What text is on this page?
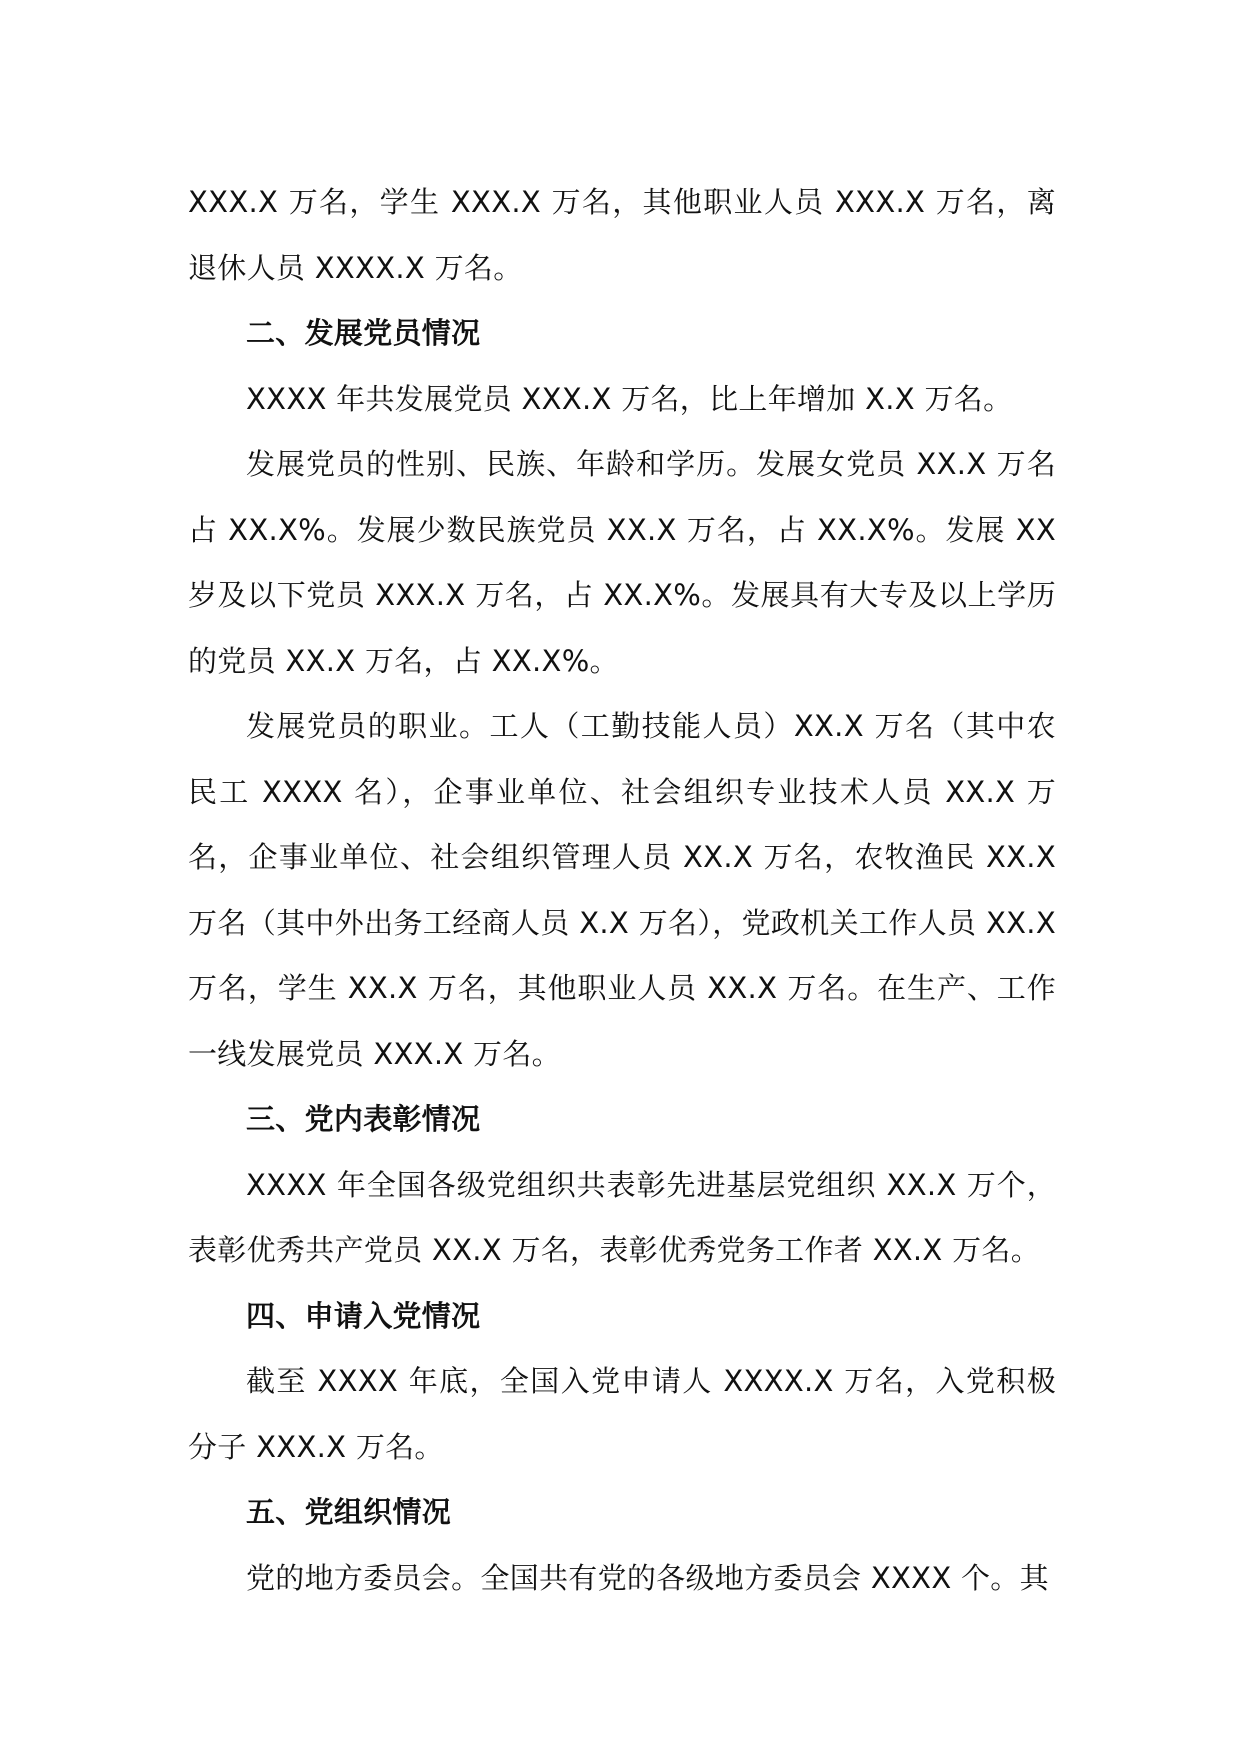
XXX.X 万名，学生 XXX.X 万名，其他职业人员 XXX.X 万名，离退休人员 XXXX.X 万名。

二、发展党员情况

XXXX 年共发展党员 XXX.X 万名，比上年增加 X.X 万名。

发展党员的性别、民族、年龄和学历。发展女党员 XX.X 万名占 XX.X%。发展少数民族党员 XX.X 万名，占 XX.X%。发展 XX 岁及以下党员 XXX.X 万名，占 XX.X%。发展具有大专及以上学历的党员 XX.X 万名，占 XX.X%。

发展党员的职业。工人（工勤技能人员）XX.X 万名（其中农民工 XXXX 名），企事业单位、社会组织专业技术人员 XX.X 万名，企事业单位、社会组织管理人员 XX.X 万名，农牧渔民 XX.X 万名（其中外出务工经商人员 X.X 万名），党政机关工作人员 XX.X 万名，学生 XX.X 万名，其他职业人员 XX.X 万名。在生产、工作一线发展党员 XXX.X 万名。

三、党内表彰情况

XXXX 年全国各级党组织共表彰先进基层党组织 XX.X 万个，表彰优秀共产党员 XX.X 万名，表彰优秀党务工作者 XX.X 万名。

四、申请入党情况

截至 XXXX 年底，全国入党申请人 XXXX.X 万名，入党积极分子 XXX.X 万名。

五、党组织情况

党的地方委员会。全国共有党的各级地方委员会 XXXX 个。其
